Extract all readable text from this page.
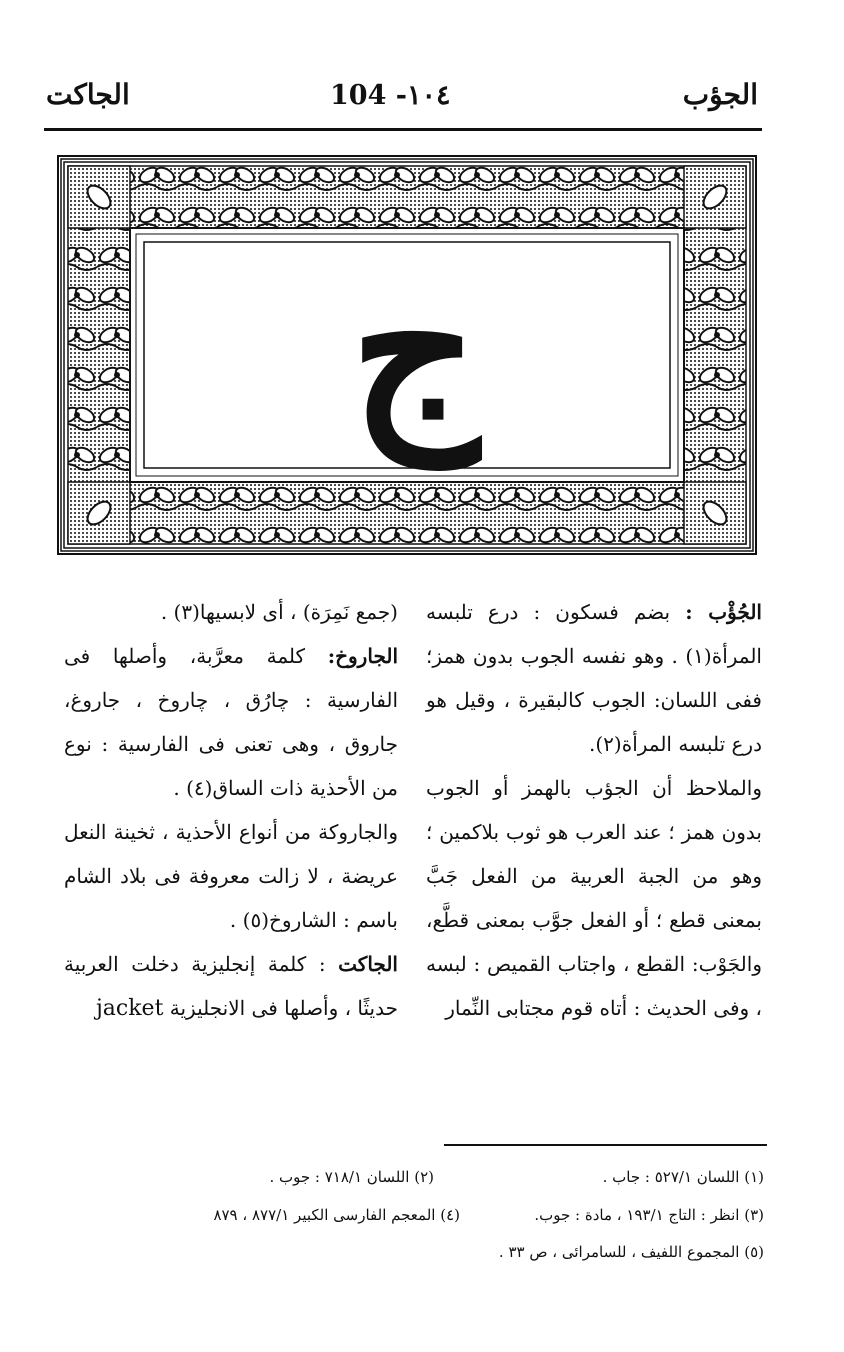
الجؤب
104 -١٠٤
الجاكت
ج

الجُؤْب : بضم فسكون : درع تلبسه المرأة(١) . وهو نفسه الجوب بدون همز؛ ففى اللسان: الجوب كالبقيرة ، وقيل هو درع تلبسه المرأة(٢).

والملاحظ أن الجؤب بالهمز أو الجوب بدون همز ؛ عند العرب هو ثوب بلاكمين ؛ وهو من الجبة العربية من الفعل جَبَّ بمعنى قطع ؛ أو الفعل جوَّب بمعنى قطَّع، والجَوْب: القطع ، واجتاب القميص : لبسه ، وفى الحديث : أتاه قوم مجتابى النِّمار

(جمع نَمِرَة) ، أى لابسيها(٣) .

الجاروخ: كلمة معرَّبة، وأصلها فى الفارسية : چارُق ، چاروخ ، جاروغ، جاروق ، وهى تعنى فى الفارسية : نوع من الأحذية ذات الساق(٤) .

والجاروكة من أنواع الأحذية ، ثخينة النعل عريضة ، لا زالت معروفة فى بلاد الشام باسم : الشاروخ(٥) .

الجاكت : كلمة إنجليزية دخلت العربية حديثًا ، وأصلها فى الانجليزية jacket

(١) اللسان ٥٢٧/١ : جاب .
(٢) اللسان ٧١٨/١ : جوب .
(٣) انظر : التاج ١٩٣/١ ، مادة : جوب.
(٤) المعجم الفارسى الكبير ٨٧٧/١ ، ٨٧٩
(٥) المجموع اللفيف ، للسامرائى ، ص ٣٣ .
